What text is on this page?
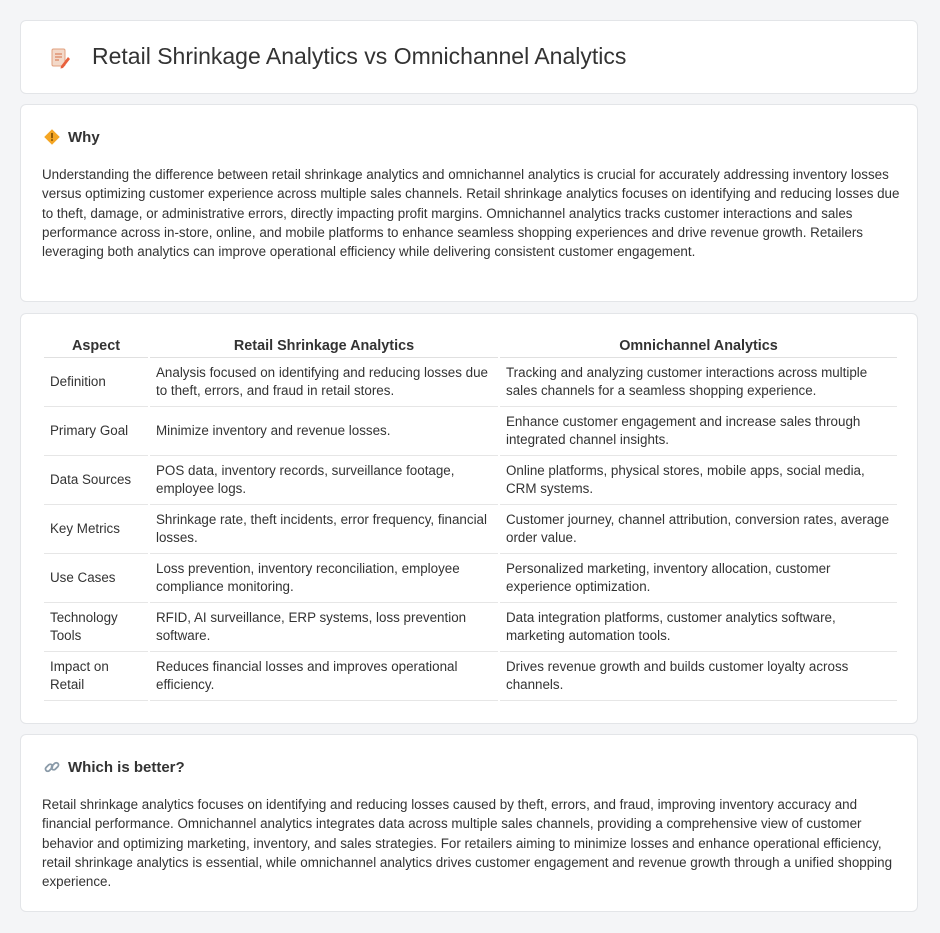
Retail Shrinkage Analytics vs Omnichannel Analytics
Why

Understanding the difference between retail shrinkage analytics and omnichannel analytics is crucial for accurately addressing inventory losses versus optimizing customer experience across multiple sales channels. Retail shrinkage analytics focuses on identifying and reducing losses due to theft, damage, or administrative errors, directly impacting profit margins. Omnichannel analytics tracks customer interactions and sales performance across in-store, online, and mobile platforms to enhance seamless shopping experiences and drive revenue growth. Retailers leveraging both analytics can improve operational efficiency while delivering consistent customer engagement.

Aspect	Retail Shrinkage Analytics	Omnichannel Analytics
Definition	Analysis focused on identifying and reducing losses due to theft, errors, and fraud in retail stores.	Tracking and analyzing customer interactions across multiple sales channels for a seamless shopping experience.
Primary Goal	Minimize inventory and revenue losses.	Enhance customer engagement and increase sales through integrated channel insights.
Data Sources	POS data, inventory records, surveillance footage, employee logs.	Online platforms, physical stores, mobile apps, social media, CRM systems.
Key Metrics	Shrinkage rate, theft incidents, error frequency, financial losses.	Customer journey, channel attribution, conversion rates, average order value.
Use Cases	Loss prevention, inventory reconciliation, employee compliance monitoring.	Personalized marketing, inventory allocation, customer experience optimization.
Technology Tools	RFID, AI surveillance, ERP systems, loss prevention software.	Data integration platforms, customer analytics software, marketing automation tools.
Impact on Retail	Reduces financial losses and improves operational efficiency.	Drives revenue growth and builds customer loyalty across channels.
Which is better?

Retail shrinkage analytics focuses on identifying and reducing losses caused by theft, errors, and fraud, improving inventory accuracy and financial performance. Omnichannel analytics integrates data across multiple sales channels, providing a comprehensive view of customer behavior and optimizing marketing, inventory, and sales strategies. For retailers aiming to minimize losses and enhance operational efficiency, retail shrinkage analytics is essential, while omnichannel analytics drives customer engagement and revenue growth through a unified shopping experience.
